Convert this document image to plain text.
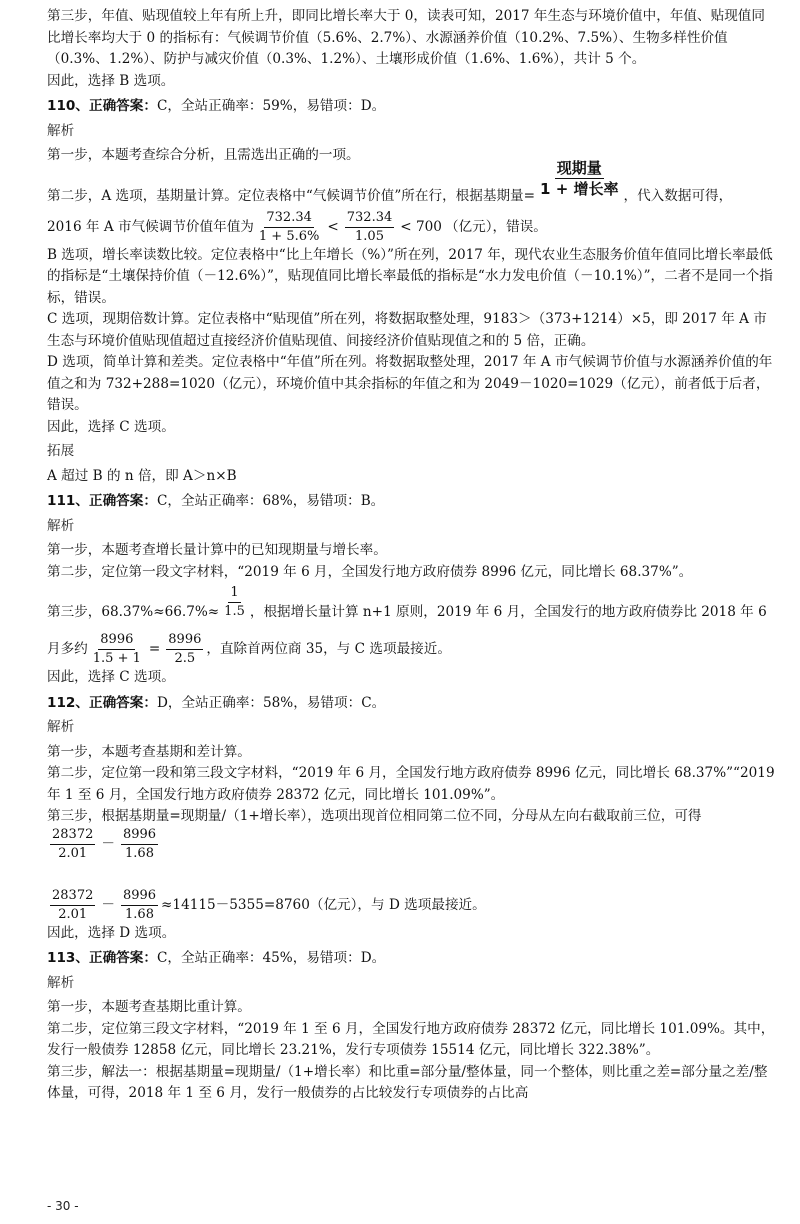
第三步，年值、贴现值较上年有所上升，即同比增长率大于 0，读表可知，2017 年生态与环境价值中，年值、贴现值同比增长率均大于 0 的指标有：气候调节价值（5.6%、2.7%）、水源涵养价值（10.2%、7.5%）、生物多样性价值（0.3%、1.2%）、防护与减灾价值（0.3%、1.2%）、土壤形成价值（1.6%、1.6%），共计 5 个。

因此，选择 B 选项。

110、正确答案：C，全站正确率：59%，易错项：D。

解析

第一步，本题考查综合分析，且需选出正确的一项。

第二步，A 选项，基期量计算。定位表格中“气候调节价值”所在行，根据基期量= $\frac{\text{现期量}}{\text{1 + 增长率}}$ ，代入数据可得，

2016 年 A 市气候调节价值年值为 $\frac{732.34}{1 + 5.6\%} < \frac{732.34}{1.05} < 700$ （亿元），错误。

B 选项，增长率读数比较。定位表格中“比上年增长（%）”所在列，2017 年，现代农业生态服务价值年值同比增长率最低的指标是“土壤保持价值（－12.6%）”，贴现值同比增长率最低的指标是“水力发电价值（－10.1%）”，二者不是同一个指标，错误。

C 选项，现期倍数计算。定位表格中“贴现值”所在列，将数据取整处理，9183＞（373+1214）×5，即 2017 年 A 市生态与环境价值贴现值超过直接经济价值贴现值、间接经济价值贴现值之和的 5 倍，正确。

D 选项，简单计算和差类。定位表格中“年值”所在列。将数据取整处理，2017 年 A 市气候调节价值与水源涵养价值的年值之和为 732+288=1020（亿元），环境价值中其余指标的年值之和为 2049－1020=1029（亿元），前者低于后者，错误。

因此，选择 C 选项。

拓展

A 超过 B 的 n 倍，即 A＞n×B

111、正确答案：C，全站正确率：68%，易错项：B。

解析

第一步，本题考查增长量计算中的已知现期量与增长率。

第二步，定位第一段文字材料，“2019 年 6 月，全国发行地方政府债券 8996 亿元，同比增长 68.37%”。

第三步，$68.37\%\approx 66.7\%\approx \frac{1}{1.5}$ ，根据增长量计算 n+1 原则，2019 年 6 月，全国发行的地方政府债券比 2018 年 6

月多约 $\frac{8996}{1.5 + 1} = \frac{8996}{2.5}$ ，直除首两位商 35，与 C 选项最接近。

因此，选择 C 选项。

112、正确答案：D，全站正确率：58%，易错项：C。

解析

第一步，本题考查基期和差计算。

第二步，定位第一段和第三段文字材料，“2019 年 6 月，全国发行地方政府债券 8996 亿元，同比增长 68.37%”“2019 年 1 至 6 月，全国发行地方政府债券 28372 亿元，同比增长 101.09%”。

第三步，根据基期量=现期量/（1+增长率），选项出现首位相同第二位不同，分母从左向右截取前三位，可得

$\frac{28372}{2.01} - \frac{8996}{1.68}$

$\frac{28372}{2.01} - \frac{8996}{1.68} \approx 14115-5355=8760$（亿元），与 D 选项最接近。

因此，选择 D 选项。

113、正确答案：C，全站正确率：45%，易错项：D。

解析

第一步，本题考查基期比重计算。

第二步，定位第三段文字材料，“2019 年 1 至 6 月，全国发行地方政府债券 28372 亿元，同比增长 101.09%。其中，发行一般债券 12858 亿元，同比增长 23.21%，发行专项债券 15514 亿元，同比增长 322.38%”。

第三步，解法一：根据基期量=现期量/（1+增长率）和比重=部分量/整体量，同一个整体，则比重之差=部分量之差/整体量，可得，2018 年 1 至 6 月，发行一般债券的占比较发行专项债券的占比高

- 30 -
